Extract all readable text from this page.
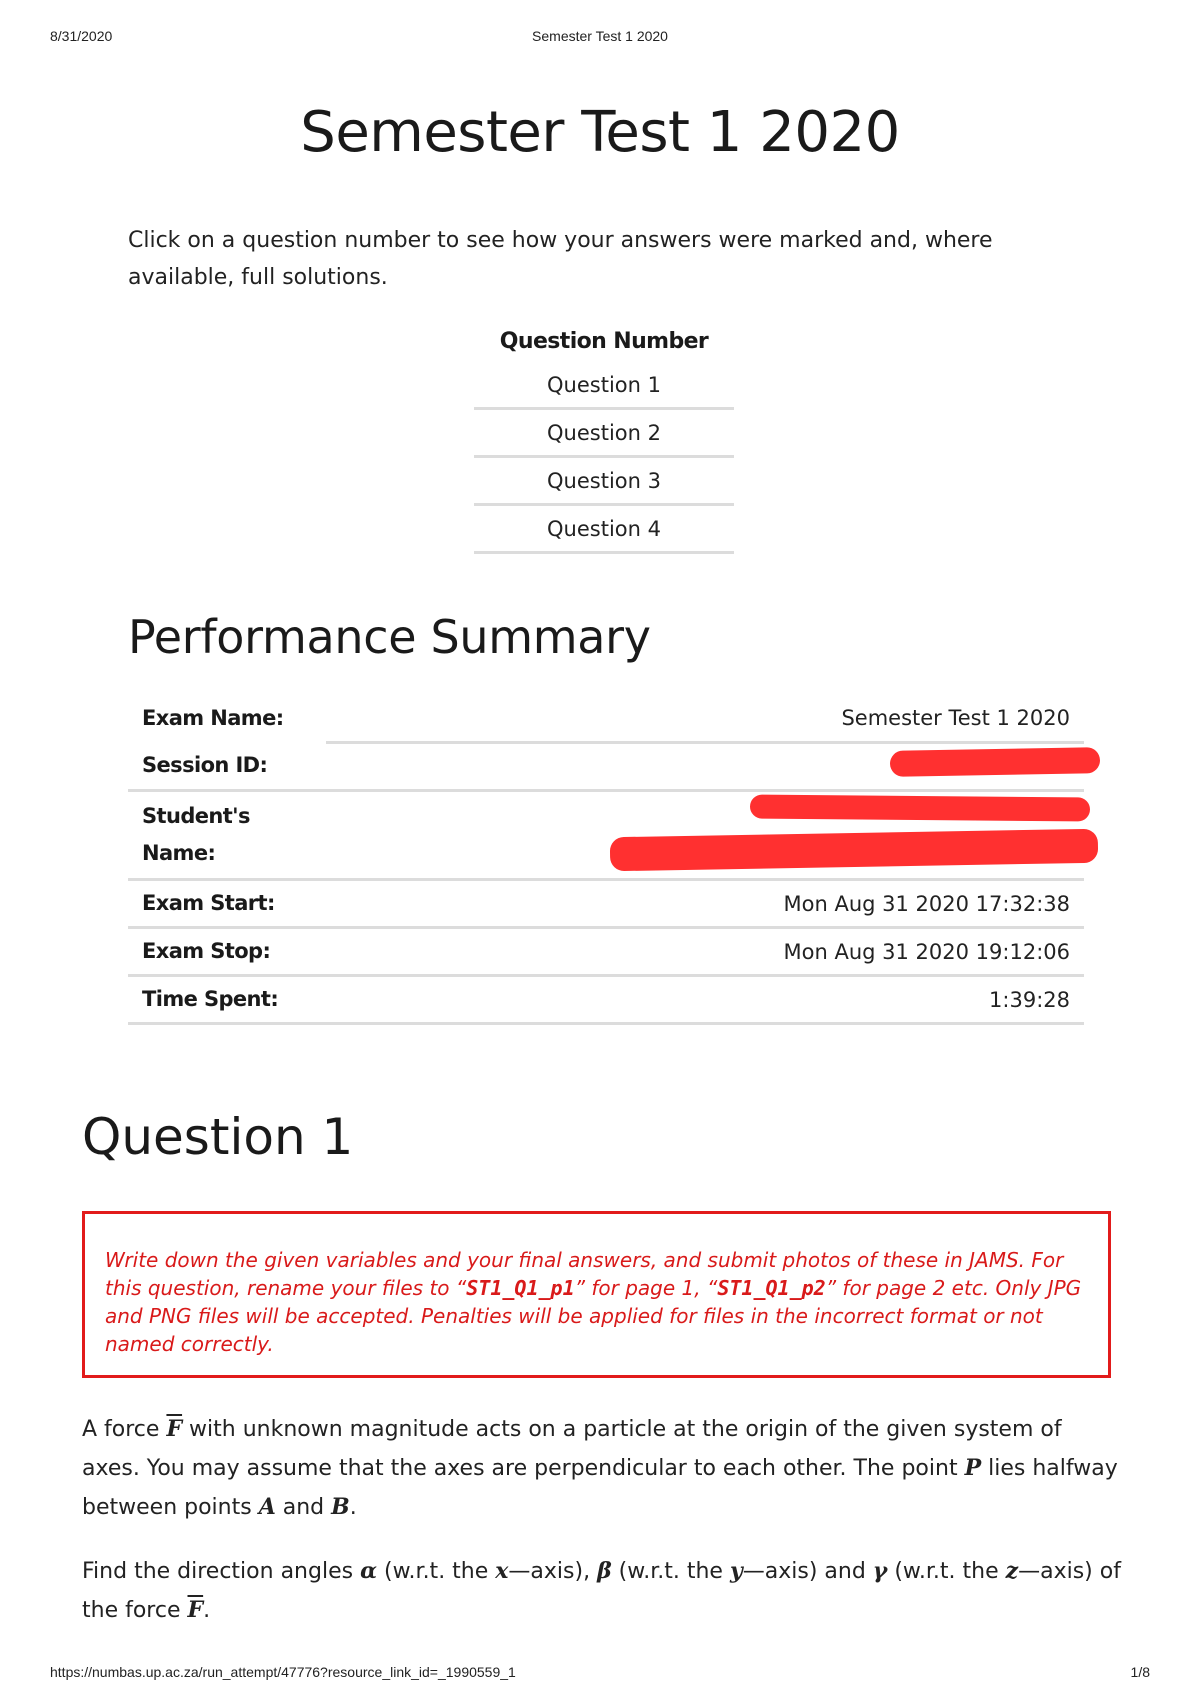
8/31/2020	Semester Test 1 2020
Semester Test 1 2020

Click on a question number to see how your answers were marked and, where available, full solutions.

Question Number
Question 1
Question 2
Question 3
Question 4
Performance Summary
Exam Name:	Semester Test 1 2020
Session ID:	
Student's Name:	
Exam Start:	Mon Aug 31 2020 17:32:38
Exam Stop:	Mon Aug 31 2020 19:12:06
Time Spent:	1:39:28
Question 1

Write down the given variables and your final answers, and submit photos of these in JAMS. For this question, rename your files to “ST1_Q1_p1” for page 1, “ST1_Q1_p2” for page 2 etc. Only JPG and PNG files will be accepted. Penalties will be applied for files in the incorrect format or not named correctly.

A force $\overline{F}$ with unknown magnitude acts on a particle at the origin of the given system of axes. You may assume that the axes are perpendicular to each other. The point P lies halfway between points A and B.

Find the direction angles α (w.r.t. the x—axis), β (w.r.t. the y—axis) and γ (w.r.t. the z—axis) of the force $\overline{F}$.

https://numbas.up.ac.za/run_attempt/47776?resource_link_id=_1990559_1	1/8
